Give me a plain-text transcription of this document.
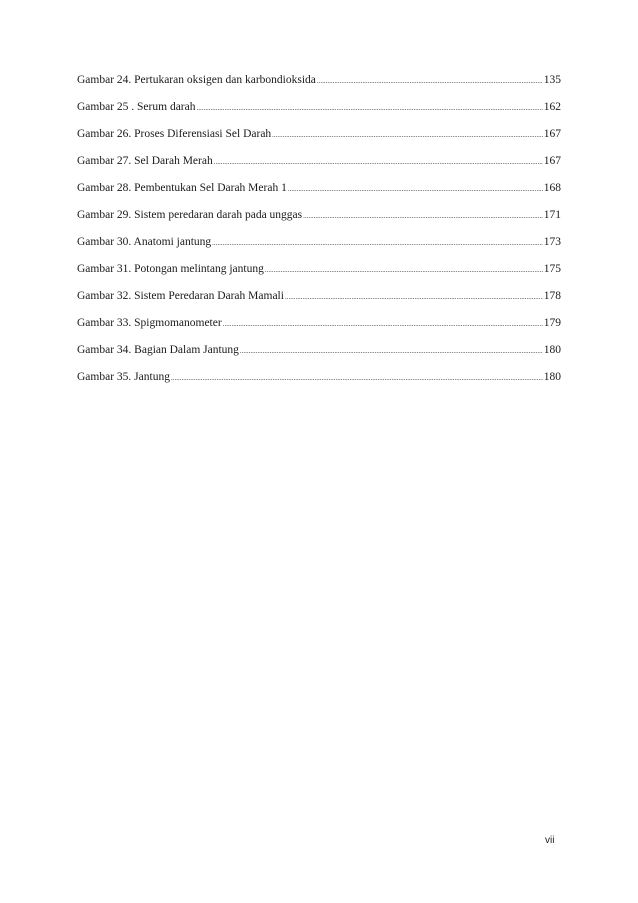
Gambar 24. Pertukaran oksigen dan karbondioksida .....	135
Gambar 25 . Serum darah .....	162
Gambar 26. Proses Diferensiasi Sel Darah .....	167
Gambar 27. Sel Darah Merah .....	167
Gambar 28. Pembentukan Sel Darah Merah 1 .....	168
Gambar 29. Sistem peredaran darah pada unggas .....	171
Gambar 30. Anatomi jantung .....	173
Gambar 31. Potongan melintang jantung .....	175
Gambar 32. Sistem Peredaran Darah Mamali .....	178
Gambar 33. Spigmomanometer .....	179
Gambar 34. Bagian Dalam Jantung .....	180
Gambar 35. Jantung .....	180
vii
